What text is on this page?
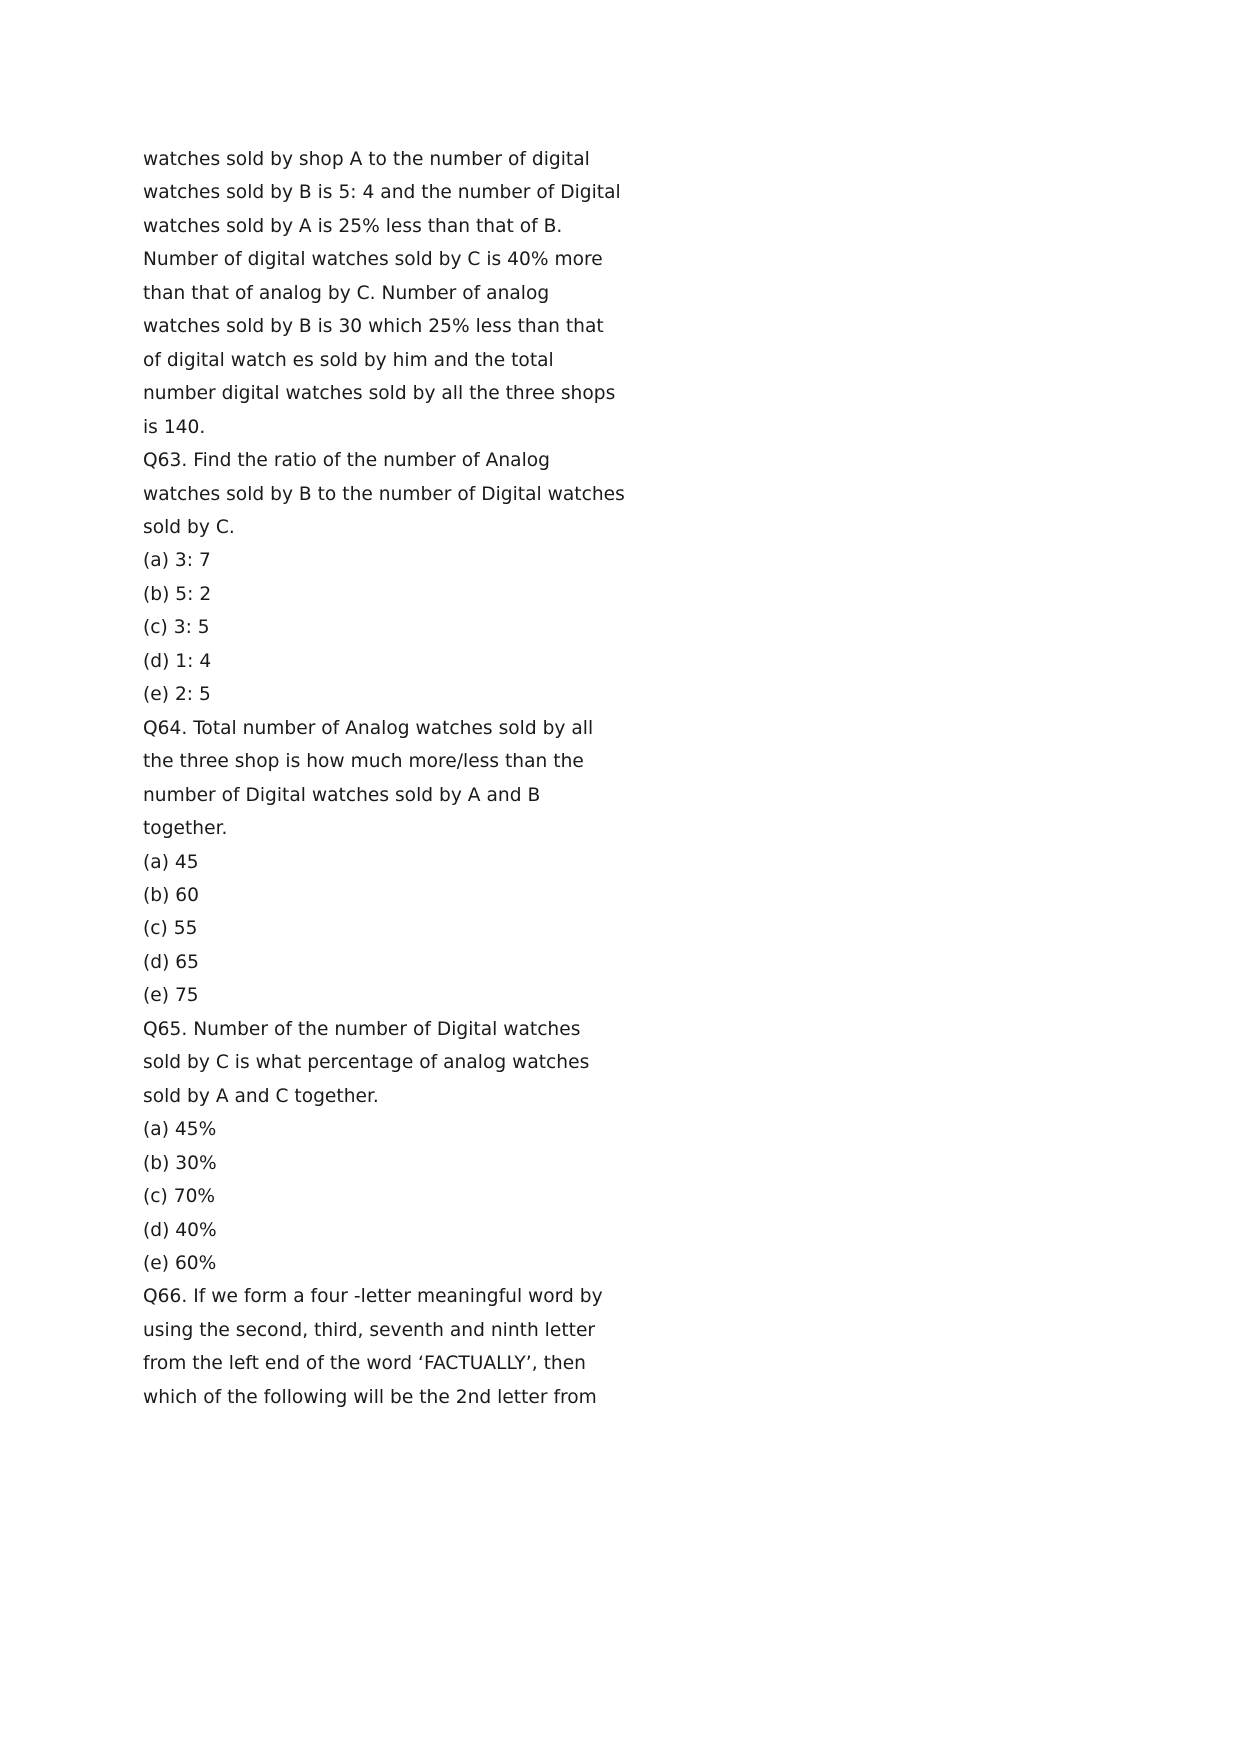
watches sold by shop A to the number of digital
watches sold by B is 5: 4 and the number of Digital
watches sold by A is 25% less than that of B.
Number of digital watches sold by C is 40% more
than that of analog by C. Number of analog
watches sold by B is 30 which 25% less than that
of digital watch es sold by him and the total
number digital watches sold by all the three shops
is 140.
Q63. Find the ratio of the number of Analog
watches sold by B to the number of Digital watches
sold by C.
(a) 3: 7
(b) 5: 2
(c) 3: 5
(d) 1: 4
(e) 2: 5
Q64. Total number of Analog watches sold by all
the three shop is how much more/less than the
number of Digital watches sold by A and B
together.
(a) 45
(b) 60
(c) 55
(d) 65
(e) 75
Q65. Number of the number of Digital watches
sold by C is what percentage of analog watches
sold by A and C together.
(a) 45%
(b) 30%
(c) 70%
(d) 40%
(e) 60%
Q66. If we form a four -letter meaningful word by
using the second, third, seventh and ninth letter
from the left end of the word ‘FACTUALLY’, then
which of the following will be the 2nd letter from
